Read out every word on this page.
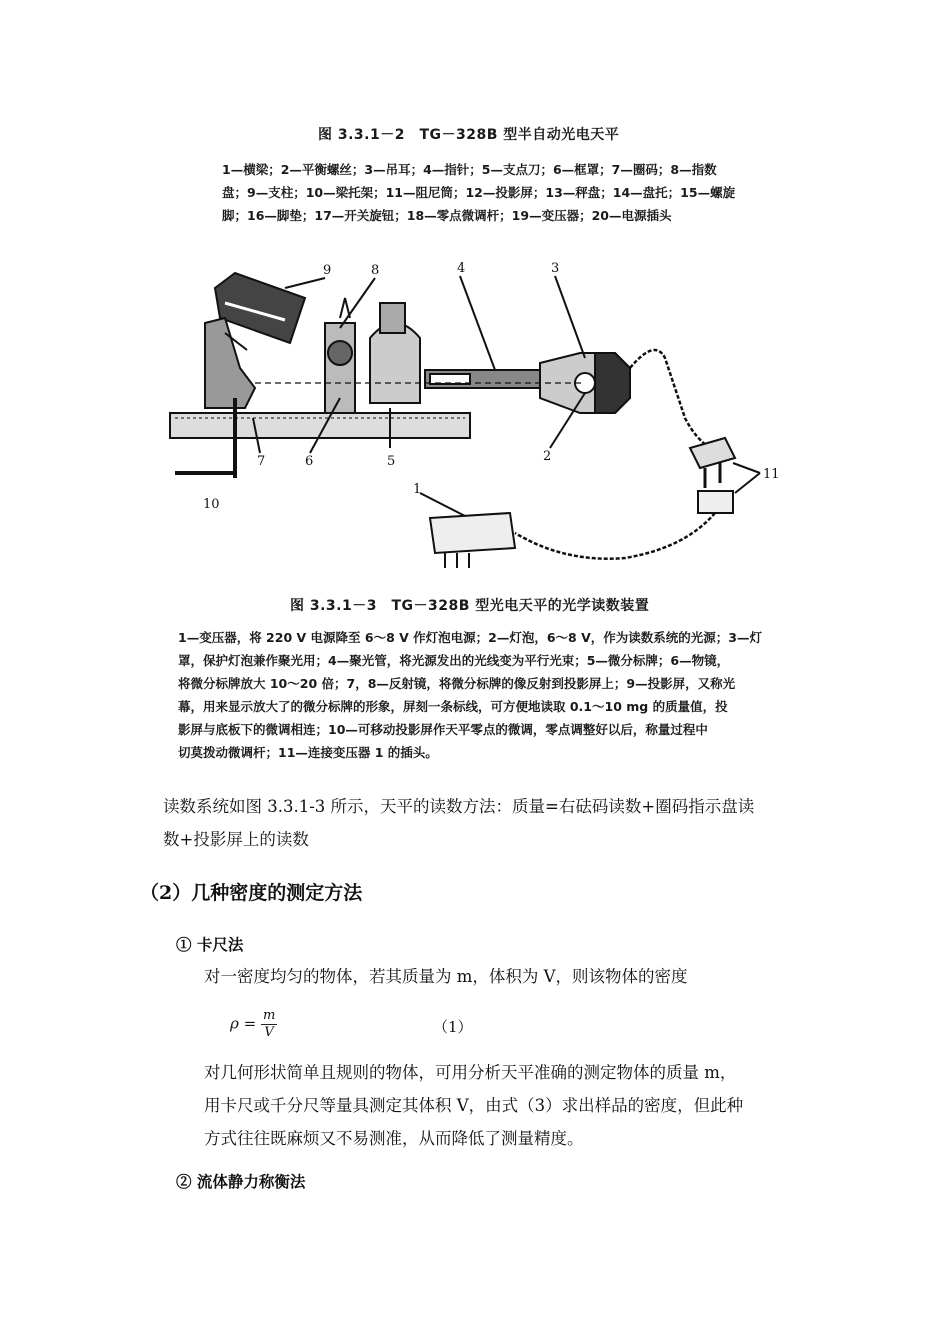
图 3.3.1－2　TG－328B 型半自动光电天平
1—横梁；2—平衡螺丝；3—吊耳；4—指针；5—支点刀；6—框罩；7—圈码；8—指数
盘；9—支柱；10—梁托架；11—阻尼筒；12—投影屏；13—秤盘；14—盘托；15—螺旋
脚；16—脚垫；17—开关旋钮；18—零点微调杆；19—变压器；20—电源插头
9	8	4	3
7	6	5	2
11
10
1
图 3.3.1－3　TG－328B 型光电天平的光学读数装置
1—变压器，将 220 V 电源降至 6～8 V 作灯泡电源；2—灯泡，6～8 V，作为读数系统的光源；3—灯
罩，保护灯泡兼作聚光用；4—聚光管，将光源发出的光线变为平行光束；5—微分标牌；6—物镜，
将微分标牌放大 10～20 倍；7，8—反射镜，将微分标牌的像反射到投影屏上；9—投影屏，又称光
幕，用来显示放大了的微分标牌的形象，屏刻一条标线，可方便地读取 0.1～10 mg 的质量值，投
影屏与底板下的微调相连；10—可移动投影屏作天平零点的微调，零点调整好以后，称量过程中
切莫拨动微调杆；11—连接变压器 1 的插头。
读数系统如图 3.3.1-3 所示，天平的读数方法：质量=右砝码读数+圈码指示盘读
数+投影屏上的读数
（2）几种密度的测定方法
① 卡尺法
对一密度均匀的物体，若其质量为 m，体积为 V，则该物体的密度
$\rho = \frac{m}{V}$	（1）
对几何形状简单且规则的物体，可用分析天平准确的测定物体的质量 m，
用卡尺或千分尺等量具测定其体积 V，由式（3）求出样品的密度，但此种
方式往往既麻烦又不易测准，从而降低了测量精度。
② 流体静力称衡法
